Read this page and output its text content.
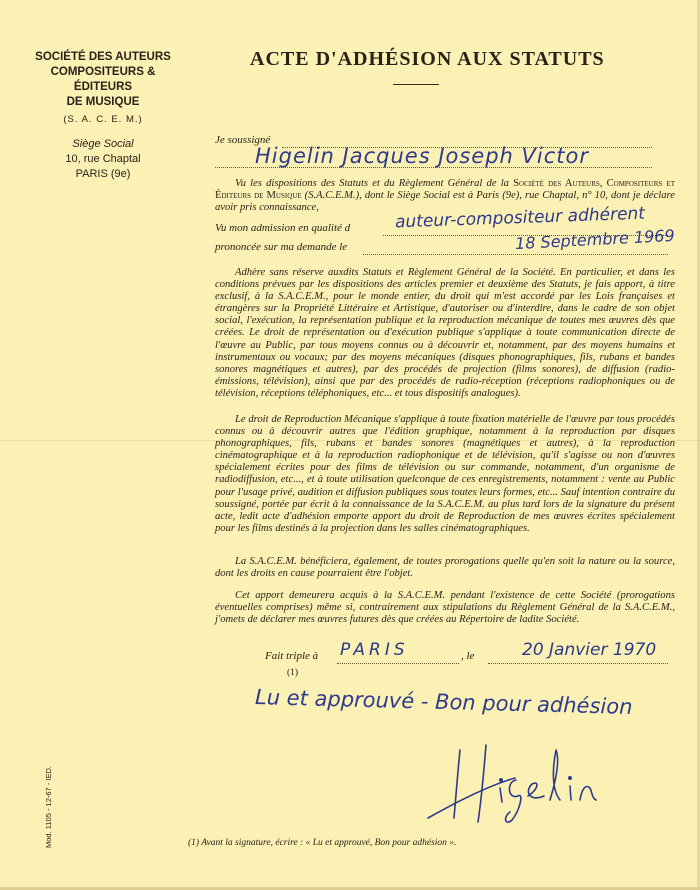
SOCIÉTÉ DES AUTEURS
COMPOSITEURS & ÉDITEURS
DE MUSIQUE
(S. A. C. E. M.)
Siège Social
10, rue Chaptal
PARIS (9e)
ACTE D'ADHÉSION AUX STATUTS
Je soussigné
Higelin Jacques Joseph Victor
Vu les dispositions des Statuts et du Règlement Général de la Société des Auteurs, Compositeurs et Éditeurs de Musique (S.A.C.E.M.), dont le Siège Social est à Paris (9e), rue Chaptal, n° 10, dont je déclare avoir pris connaissance,
Vu mon admission en qualité d	auteur-compositeur adhérent
prononcée sur ma demande le	18 Septembre 1969
Adhère sans réserve auxdits Statuts et Règlement Général de la Société. En particulier, et dans les conditions prévues par les dispositions des articles premier et deuxième des Statuts, je fais apport, à titre exclusif, à la S.A.C.E.M., pour le monde entier, du droit qui m'est accordé par les Lois françaises et étrangères sur la Propriété Littéraire et Artistique, d'autoriser ou d'interdire, dans le cadre de son objet social, l'exécution, la représentation publique et la reproduction mécanique de toutes mes œuvres dès que créées. Le droit de représentation ou d'exécution publique s'applique à toute communication directe de l'œuvre au Public, par tous moyens connus ou à découvrir et, notamment, par des moyens humains et instrumentaux ou vocaux; par des moyens mécaniques (disques phonographiques, fils, rubans et bandes sonores magnétiques et autres), par des procédés de projection (films sonores), de diffusion (radio-émissions, télévision), ainsi que par des procédés de radio-réception (réceptions radiophoniques ou de télévision, réceptions téléphoniques, etc... et tous dispositifs analogues).
Le droit de Reproduction Mécanique s'applique à toute fixation matérielle de l'œuvre par tous procédés connus ou à découvrir autres que l'édition graphique, notamment à la reproduction par disques phonographiques, fils, rubans et bandes sonores (magnétiques et autres), à la reproduction cinématographique et à la reproduction radiophonique et de télévision, qu'il s'agisse ou non d'œuvres spécialement écrites pour des films de télévision ou sur commande, notamment, d'un organisme de radiodiffusion, etc..., et à toute utilisation quelconque de ces enregistrements, notamment : vente au Public pour l'usage privé, audition et diffusion publiques sous toutes leurs formes, etc... Sauf intention contraire du soussigné, portée par écrit à la connaissance de la S.A.C.E.M. au plus tard lors de la signature du présent acte, ledit acte d'adhésion emporte apport du droit de Reproduction de mes œuvres écrites spécialement pour les films destinés à la projection dans les salles cinématographiques.
La S.A.C.E.M. bénéficiera, également, de toutes prorogations quelle qu'en soit la nature ou la source, dont les droits en cause pourraient être l'objet.
Cet apport demeurera acquis à la S.A.C.E.M. pendant l'existence de cette Société (prorogations éventuelles comprises) même si, contrairement aux stipulations du Règlement Général de la S.A.C.E.M., j'omets de déclarer mes œuvres futures dès que créées au Répertoire de ladite Société.
Fait triple à PARIS	, le	20 Janvier 1970
(1)
Lu et approuvé - Bon pour adhésion
Higelin
Mod. 1105 - 12-67 - IED.	(1) Avant la signature, écrire : « Lu et approuvé, Bon pour adhésion ».
